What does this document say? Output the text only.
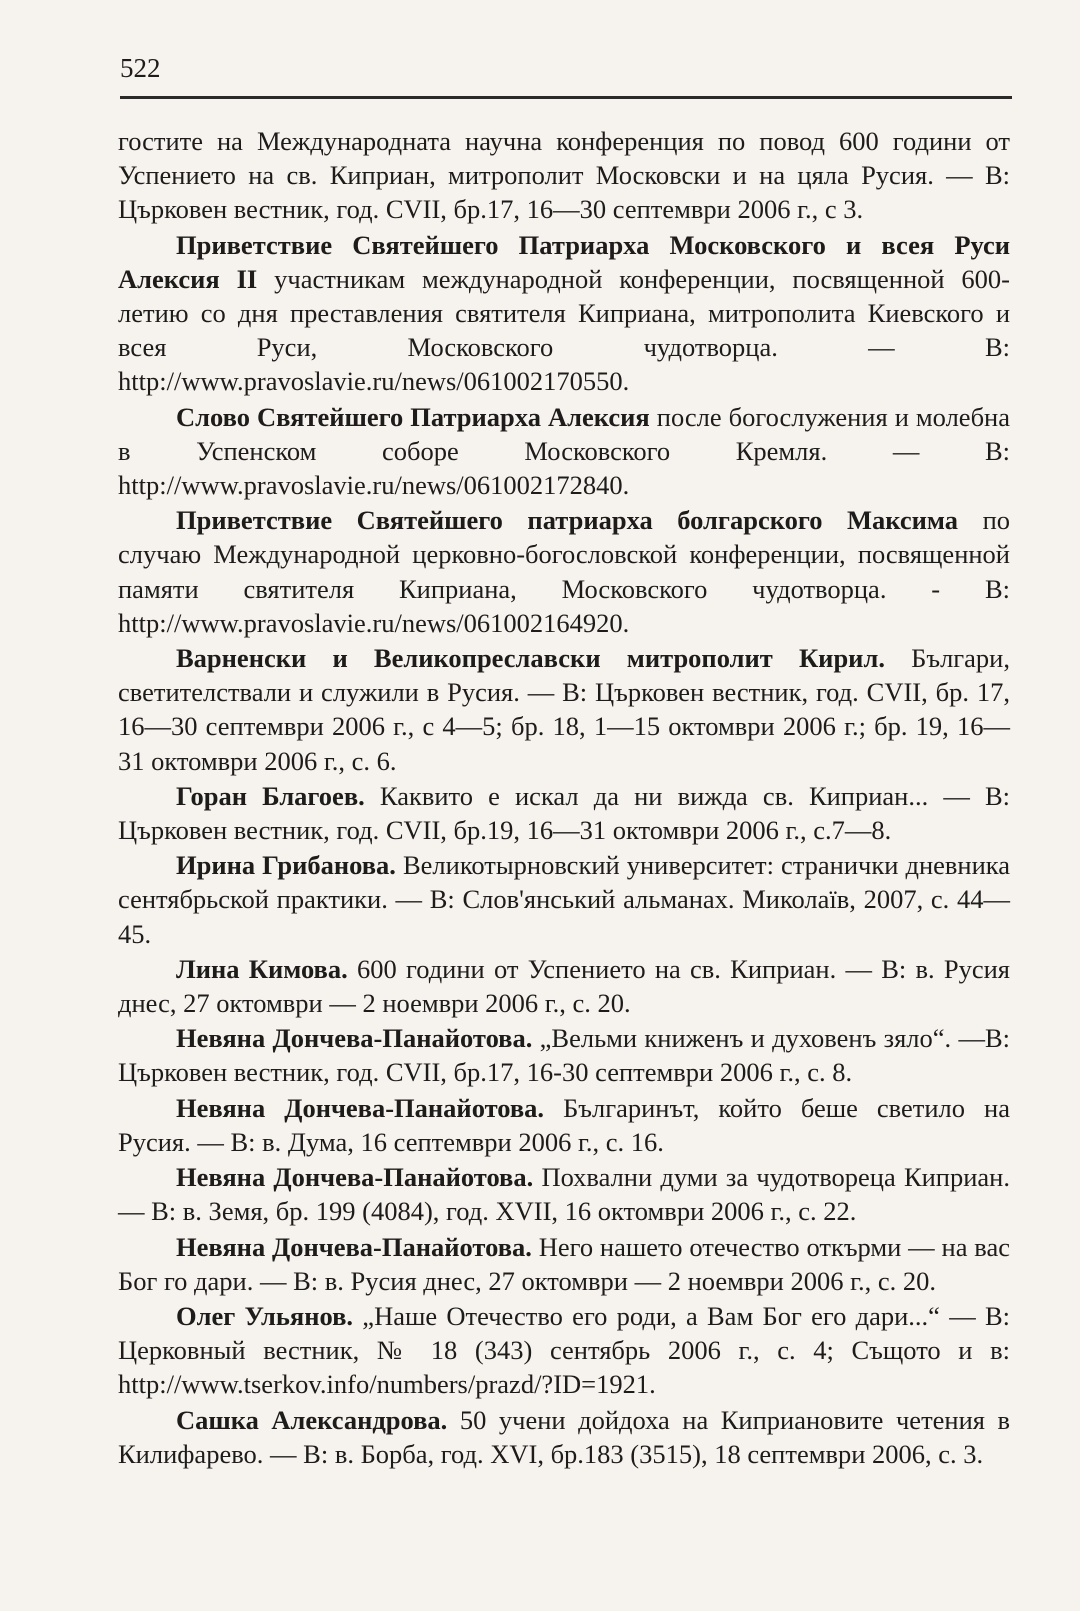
522

гостите на Международната научна конференция по повод 600 години от Успението на св. Киприан, митрополит Московски и на цяла Русия. — В: Църковен вестник, год. CVII, бр.17, 16—30 септември 2006 г., с 3.

Приветствие Святейшего Патриарха Московского и всея Руси Алексия II участникам международной конференции, посвященной 600-летию со дня преставления святителя Киприана, митрополита Киевского и всея Руси, Московского чудотворца. — В: http://www.pravoslavie.ru/news/061002170550.

Слово Святейшего Патриарха Алексия после богослужения и молебна в Успенском соборе Московского Кремля. — В: http://www.pravoslavie.ru/news/061002172840.

Приветствие Святейшего патриарха болгарского Максима по случаю Международной церковно-богословской конференции, посвященной памяти святителя Киприана, Московского чудотворца. - В: http://www.pravoslavie.ru/news/061002164920.

Варненски и Великопреславски митрополит Кирил. Българи, светителствали и служили в Русия. — В: Църковен вестник, год. CVII, бр. 17, 16—30 септември 2006 г., с 4—5; бр. 18, 1—15 октомври 2006 г.; бр. 19, 16—31 октомври 2006 г., с. 6.

Горан Благоев. Каквито е искал да ни вижда св. Киприан... — В: Църковен вестник, год. CVII, бр.19, 16—31 октомври 2006 г., с.7—8.

Ирина Грибанова. Великотырновский университет: странички дневника сентябрьской практики. — В: Слов'янський альманах. Миколаїв, 2007, с. 44—45.

Лина Кимова. 600 години от Успението на св. Киприан. — В: в. Русия днес, 27 октомври — 2 ноември 2006 г., с. 20.

Невяна Дончева-Панайотова. „Вельми книженъ и духовенъ зяло“. —В: Църковен вестник, год. CVII, бр.17, 16-30 септември 2006 г., с. 8.

Невяна Дончева-Панайотова. Българинът, който беше светило на Русия. — В: в. Дума, 16 септември 2006 г., с. 16.

Невяна Дончева-Панайотова. Похвални думи за чудотвореца Киприан. — В: в. Земя, бр. 199 (4084), год. XVII, 16 октомври 2006 г., с. 22.

Невяна Дончева-Панайотова. Него нашето отечество откърми — на вас Бог го дари. — В: в. Русия днес, 27 октомври — 2 ноември 2006 г., с. 20.

Олег Ульянов. „Наше Отечество его роди, а Вам Бог его дари...“ — В: Церковный вестник, № 18 (343) сентябрь 2006 г., с. 4; Същото и в: http://www.tserkov.info/numbers/prazd/?ID=1921.

Сашка Александрова. 50 учени дойдоха на Киприановите четения в Килифарево. — В: в. Борба, год. XVI, бр.183 (3515), 18 септември 2006, с. 3.
